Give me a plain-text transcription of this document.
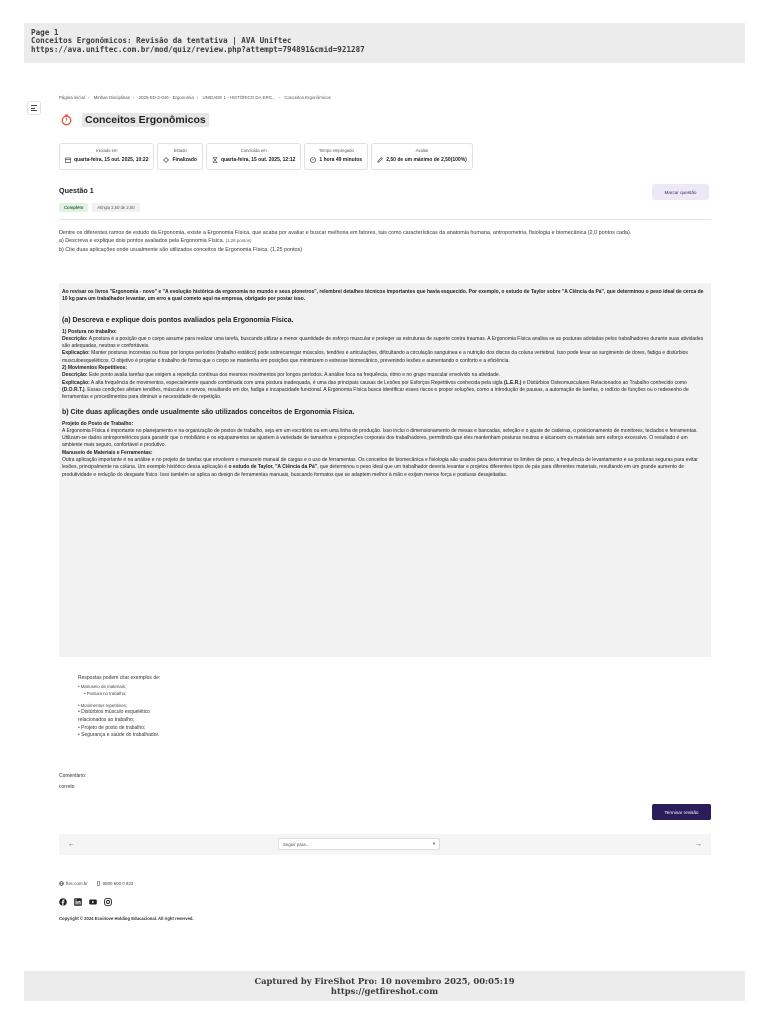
Page 1
Conceitos Ergonômicos: Revisão da tentativa | AVA Uniftec
https://ava.uniftec.com.br/mod/quiz/review.php?attempt=794891&cmid=921287
Página inicial › Minhas Disciplinas › 2025-ED-2-046 - Ergonomia › UNIDADE 1 - HISTÓRICO DA ERG... › Conceitos Ergonômicos
Conceitos Ergonômicos
Iniciado em
quarta-feira, 15 out. 2025, 10:22
Estado
Finalizado
Concluída em
quarta-feira, 15 out. 2025, 12:12
Tempo empregado
1 hora 49 minutos
Avaliar
2,50 de um máximo de 2,50(100%)
Questão 1	Marcar questão
Completo	Atingiu 2,50 de 2,50
Dentre os diferentes ramos de estudo da Ergonomia, existe a Ergonomia Física, que acaba por avaliar e buscar melhoria em fatores, tais como características da anatomia humana, antropometria, fisiologia e biomecânica (2,0 pontos cada).
a) Descreva e explique dois pontos avaliados pela Ergonomia Física. (1,25 pontos)
b) Cite duas aplicações onde usualmente são utilizados conceitos de Ergonomia Física. (1,25 pontos)

Ao revisar os livros "Ergonomia - novo" e "A evolução histórica da ergonomia no mundo e seus pioneiros", relembrei detalhes técnicos importantes que havia esquecido. Por exemplo, o estudo de Taylor sobre "A Ciência da Pá", que determinou o peso ideal de cerca de 10 kg para um trabalhador levantar, um erro a qual cometo aqui na empresa, obrigado por postar isso.

(a) Descreva e explique dois pontos avaliados pela Ergonomia Física.

1) Postura no trabalho:

Descrição: A postura é a posição que o corpo assume para realizar uma tarefa, buscando utilizar a menor quantidade de esforço muscular e proteger as estruturas de suporte contra traumas. A Ergonomia Física analisa se as posturas adotadas pelos trabalhadores durante suas atividades são adequadas, neutras e confortáveis.

Explicação: Manter posturas incorretas ou fixas por longos períodos (trabalho estático) pode sobrecarregar músculos, tendões e articulações, dificultando a circulação sanguínea e a nutrição dos discos da coluna vertebral. Isso pode levar ao surgimento de dores, fadiga e distúrbios musculoesqueléticos. O objetivo é projetar o trabalho de forma que o corpo se mantenha em posições que minimizem o estresse biomecânico, prevenindo lesões e aumentando o conforto e a eficiência.

2) Movimentos Repetitivos:

Descrição: Este ponto avalia tarefas que exigem a repetição contínua dos mesmos movimentos por longos períodos. A análise foca na frequência, ritmo e no grupo muscular envolvido na atividade.

Explicação: A alta frequência de movimentos, especialmente quando combinada com uma postura inadequada, é uma das principais causas de Lesões por Esforços Repetitivos conhecida pela sigla (L.E.R.) e Distúrbios Osteomusculares Relacionados ao Trabalho conhecido como (D.O.R.T.). Essas condições afetam tendões, músculos e nervos, resultando em dor, fadiga e incapacidade funcional. A Ergonomia Física busca identificar esses riscos e propor soluções, como a introdução de pausas, a automação de tarefas, o rodízio de funções ou o redesenho de ferramentas e procedimentos para diminuir a necessidade de repetição.

b) Cite duas aplicações onde usualmente são utilizados conceitos de Ergonomia Física.

Projeto do Posto de Trabalho:

A Ergonomia Física é importante no planejamento e na organização de postos de trabalho, seja em um escritório ou em uma linha de produção. Isso inclui o dimensionamento de mesas e bancadas, seleção e o ajuste de cadeiras, o posicionamento de monitores, teclados e ferramentas. Utilizam-se dados antropométricos para garantir que o mobiliário e os equipamentos se ajustem à variedade de tamanhos e proporções corporais dos trabalhadores, permitindo que eles mantenham posturas neutras e alcancem os materiais sem esforço excessivo. O resultado é um ambiente mais seguro, confortável e produtivo.

Manuseio de Materiais e Ferramentas:

Outra aplicação importante é na análise e no projeto de tarefas que envolvem o manuseio manual de cargas e o uso de ferramentas. Os conceitos de biomecânica e fisiologia são usados para determinar os limites de peso, a frequência de levantamento e as posturas seguras para evitar lesões, principalmente na coluna. Um exemplo histórico dessa aplicação é o estudo de Taylor, "A Ciência da Pá", que determinou o peso ideal que um trabalhador deveria levantar e projetou diferentes tipos de pás para diferentes materiais, resultando em um grande aumento de produtividade e redução do desgaste físico. Isso também se aplica ao design de ferramentas manuais, buscando formatos que se adaptem melhor à mão e exijam menos força e posturas desajeitadas.

Respostas podem citar exemplos de:
• Manuseio de materiais;
• Postura no trabalho;
• Movimentos repetitivos;
• Distúrbios músculo esquelético
relacionados ao trabalho;
• Projeto de posto de trabalho;
• Segurança e saúde do trabalhador.
Comentário:
correto
Terminar revisão
←	Seguir para...	▾	→
ftec.com.br	0800 600 0 923
Copyright © 2024 Ecoinove Holding Educacional. All right reserved.
Captured by FireShot Pro: 10 novembro 2025, 00:05:19
https://getfireshot.com
